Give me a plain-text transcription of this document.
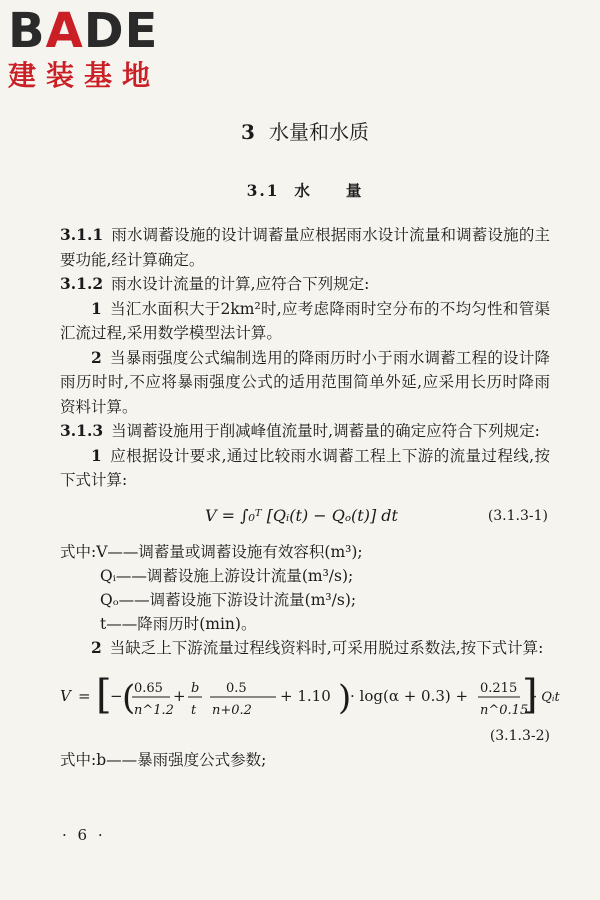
BADE
建装基地
3 水量和水质
3.1 水 量

3.1.1 雨水调蓄设施的设计调蓄量应根据雨水设计流量和调蓄设施的主要功能,经计算确定。

3.1.2 雨水设计流量的计算,应符合下列规定:

1 当汇水面积大于2km²时,应考虑降雨时空分布的不均匀性和管渠汇流过程,采用数学模型法计算。

2 当暴雨强度公式编制选用的降雨历时小于雨水调蓄工程的设计降雨历时时,不应将暴雨强度公式的适用范围简单外延,应采用长历时降雨资料计算。

3.1.3 当调蓄设施用于削减峰值流量时,调蓄量的确定应符合下列规定:

1 应根据设计要求,通过比较雨水调蓄工程上下游的流量过程线,按下式计算:

V = ∫₀ᵀ [Qᵢ(t) − Qₒ(t)] dt	(3.1.3-1)
式中:V——调蓄量或调蓄设施有效容积(m³);
Qᵢ——调蓄设施上游设计流量(m³/s);
Qₒ——调蓄设施下游设计流量(m³/s);
t——降雨历时(min)。

2 当缺乏上下游流量过程线资料时,可采用脱过系数法,按下式计算:

V = [
− (
0.65
n^1.2
+ b
t
0.5
n+0.2
+ 1.10 )
· log(α + 0.3) + 0.215
n^0.15
]
· Qᵢt
(3.1.3-2)
式中:b——暴雨强度公式参数;
· 6 ·
